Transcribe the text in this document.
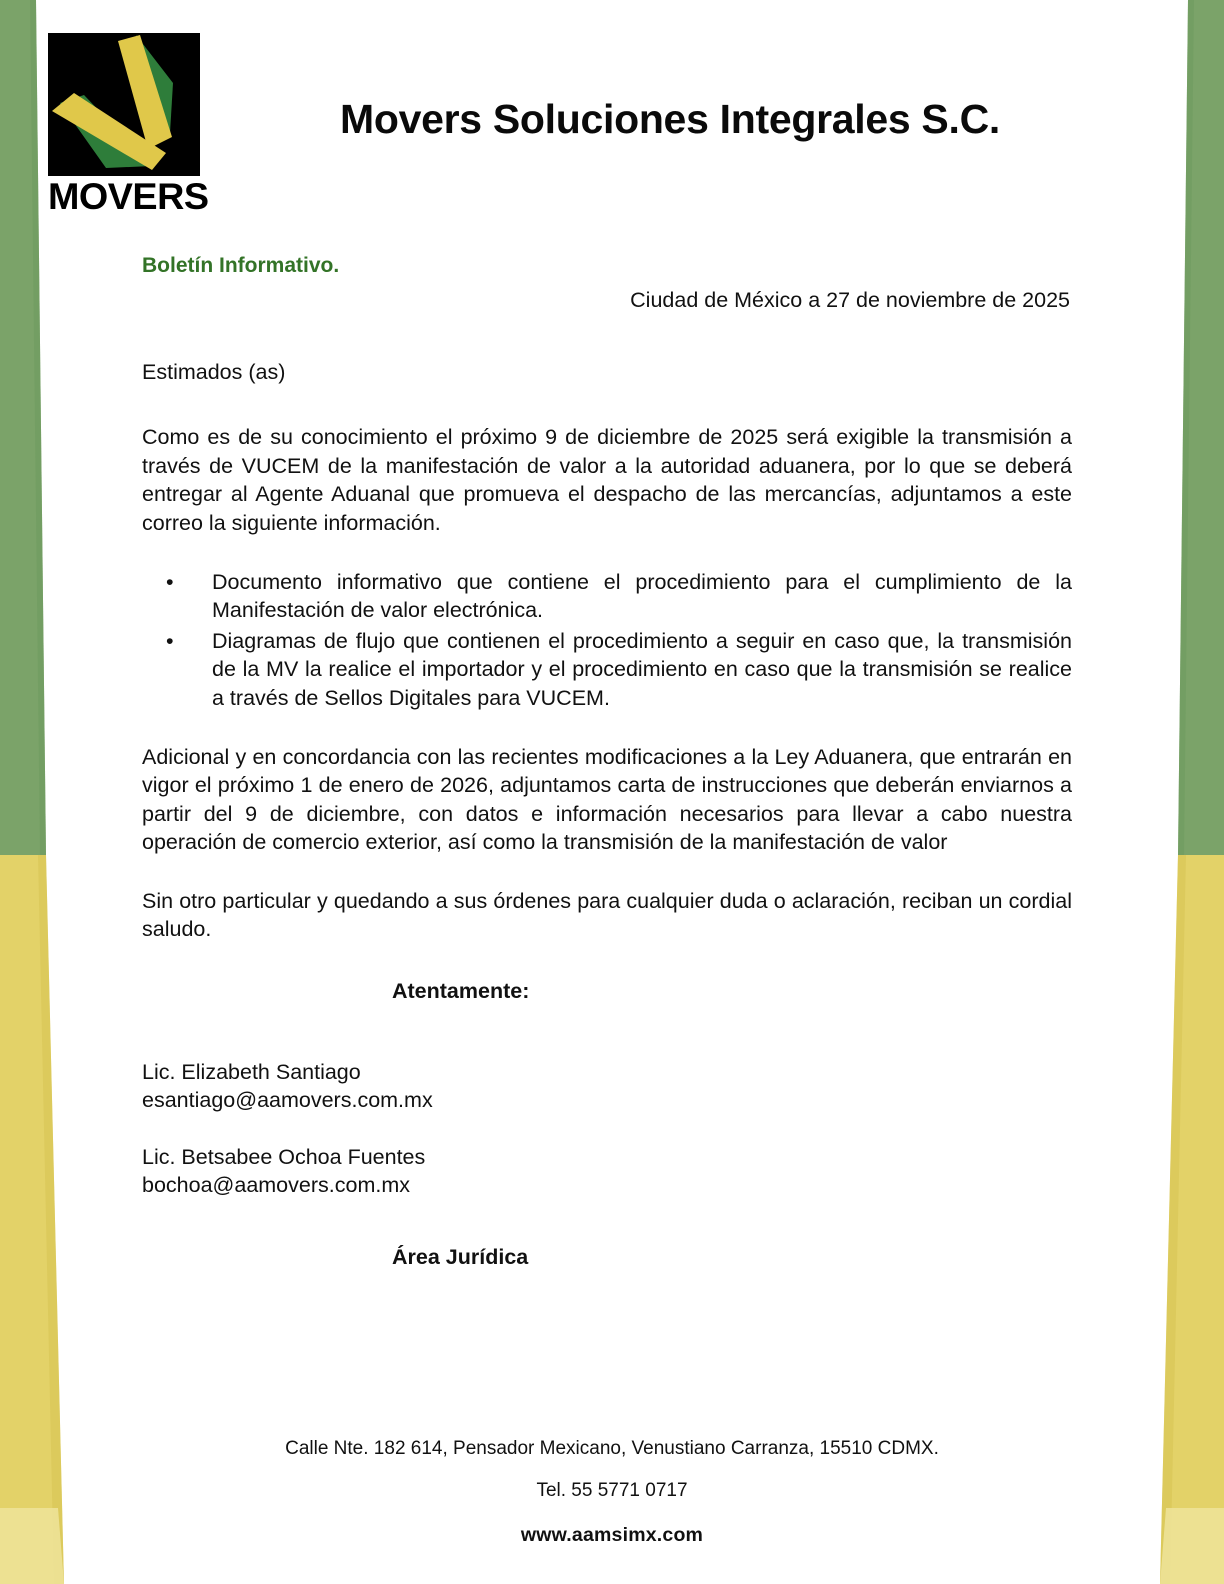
MOVERS
Movers Soluciones Integrales S.C.
Boletín Informativo.
Ciudad de México a 27 de noviembre de 2025
Estimados (as)

Como es de su conocimiento el próximo 9 de diciembre de 2025 será exigible la transmisión a través de VUCEM de la manifestación de valor a la autoridad aduanera, por lo que se deberá entregar al Agente Aduanal que promueva el despacho de las mercancías, adjuntamos a este correo la siguiente información.

• Documento informativo que contiene el procedimiento para el cumplimiento de la Manifestación de valor electrónica.
• Diagramas de flujo que contienen el procedimiento a seguir en caso que, la transmisión de la MV la realice el importador y el procedimiento en caso que la transmisión se realice a través de Sellos Digitales para VUCEM.

Adicional y en concordancia con las recientes modificaciones a la Ley Aduanera, que entrarán en vigor el próximo 1 de enero de 2026, adjuntamos carta de instrucciones que deberán enviarnos a partir del 9 de diciembre, con datos e información necesarios para llevar a cabo nuestra operación de comercio exterior, así como la transmisión de la manifestación de valor

Sin otro particular y quedando a sus órdenes para cualquier duda o aclaración, reciban un cordial saludo.

Atentamente:
Lic. Elizabeth Santiago
esantiago@aamovers.com.mx
Lic. Betsabee Ochoa Fuentes
bochoa@aamovers.com.mx
Área Jurídica
Calle Nte. 182 614, Pensador Mexicano, Venustiano Carranza, 15510 CDMX.
Tel. 55 5771 0717
www.aamsimx.com
